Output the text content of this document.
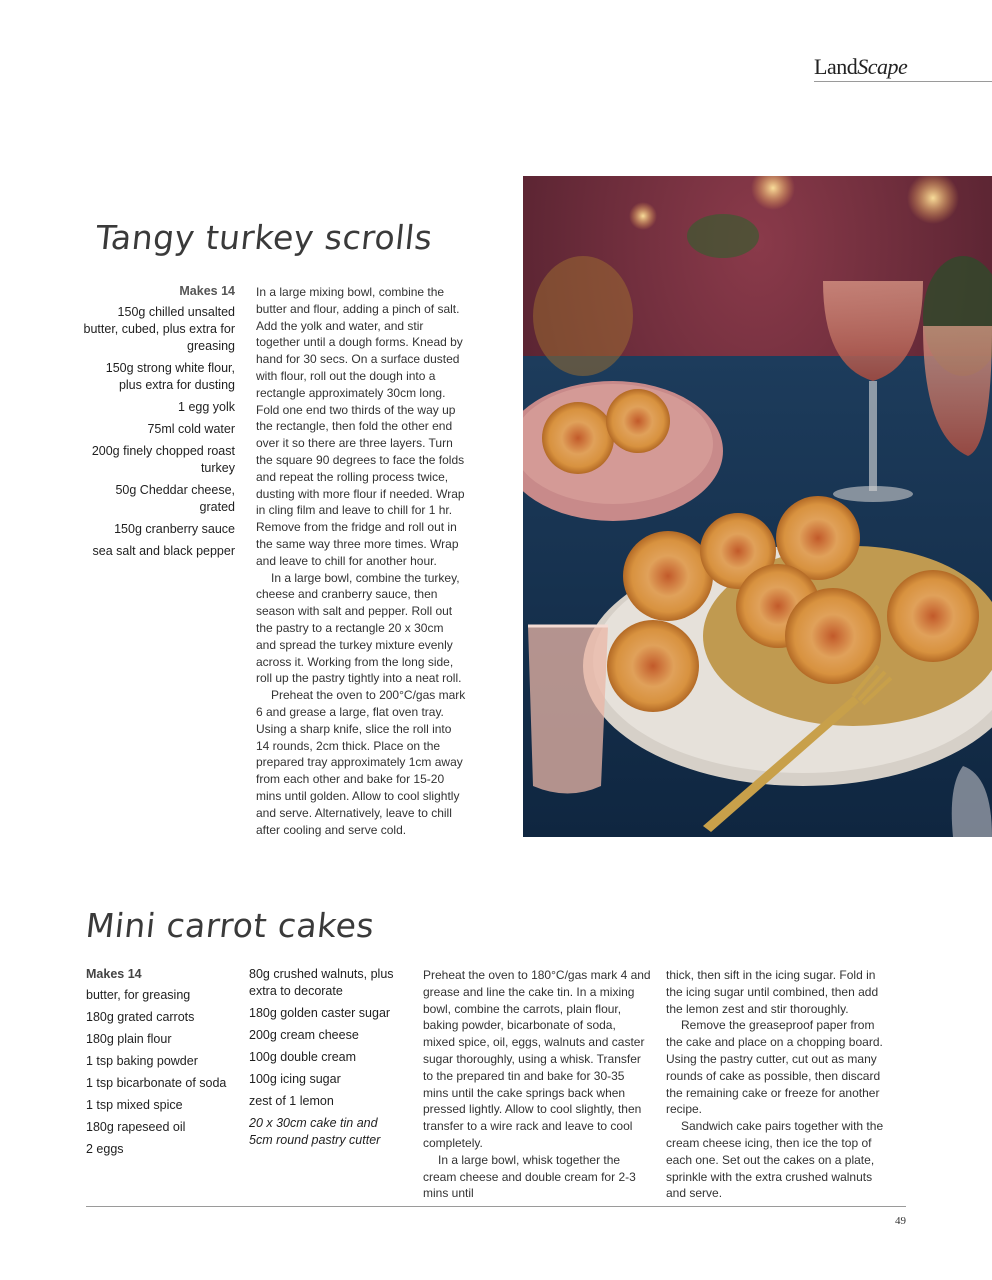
LandScape
Tangy turkey scrolls
Makes 14
150g chilled unsalted butter, cubed, plus extra for greasing
150g strong white flour, plus extra for dusting
1 egg yolk
75ml cold water
200g finely chopped roast turkey
50g Cheddar cheese, grated
150g cranberry sauce
sea salt and black pepper

In a large mixing bowl, combine the butter and flour, adding a pinch of salt. Add the yolk and water, and stir together until a dough forms. Knead by hand for 30 secs. On a surface dusted with flour, roll out the dough into a rectangle approximately 30cm long. Fold one end two thirds of the way up the rectangle, then fold the other end over it so there are three layers. Turn the square 90 degrees to face the folds and repeat the rolling process twice, dusting with more flour if needed. Wrap in cling film and leave to chill for 1 hr. Remove from the fridge and roll out in the same way three more times. Wrap and leave to chill for another hour.

In a large bowl, combine the turkey, cheese and cranberry sauce, then season with salt and pepper. Roll out the pastry to a rectangle 20 x 30cm and spread the turkey mixture evenly across it. Working from the long side, roll up the pastry tightly into a neat roll.

Preheat the oven to 200°C/gas mark 6 and grease a large, flat oven tray. Using a sharp knife, slice the roll into 14 rounds, 2cm thick. Place on the prepared tray approximately 1cm away from each other and bake for 15-20 mins until golden. Allow to cool slightly and serve. Alternatively, leave to chill after cooling and serve cold.

Mini carrot cakes
Makes 14
butter, for greasing
180g grated carrots
180g plain flour
1 tsp baking powder
1 tsp bicarbonate of soda
1 tsp mixed spice
180g rapeseed oil
2 eggs
80g crushed walnuts, plus extra to decorate
180g golden caster sugar
200g cream cheese
100g double cream
100g icing sugar
zest of 1 lemon
20 x 30cm cake tin and 5cm round pastry cutter

Preheat the oven to 180°C/gas mark 4 and grease and line the cake tin. In a mixing bowl, combine the carrots, plain flour, baking powder, bicarbonate of soda, mixed spice, oil, eggs, walnuts and caster sugar thoroughly, using a whisk. Transfer to the prepared tin and bake for 30-35 mins until the cake springs back when pressed lightly. Allow to cool slightly, then transfer to a wire rack and leave to cool completely.

In a large bowl, whisk together the cream cheese and double cream for 2-3 mins until

thick, then sift in the icing sugar. Fold in the icing sugar until combined, then add the lemon zest and stir thoroughly.

Remove the greaseproof paper from the cake and place on a chopping board. Using the pastry cutter, cut out as many rounds of cake as possible, then discard the remaining cake or freeze for another recipe.

Sandwich cake pairs together with the cream cheese icing, then ice the top of each one. Set out the cakes on a plate, sprinkle with the extra crushed walnuts and serve.

49
